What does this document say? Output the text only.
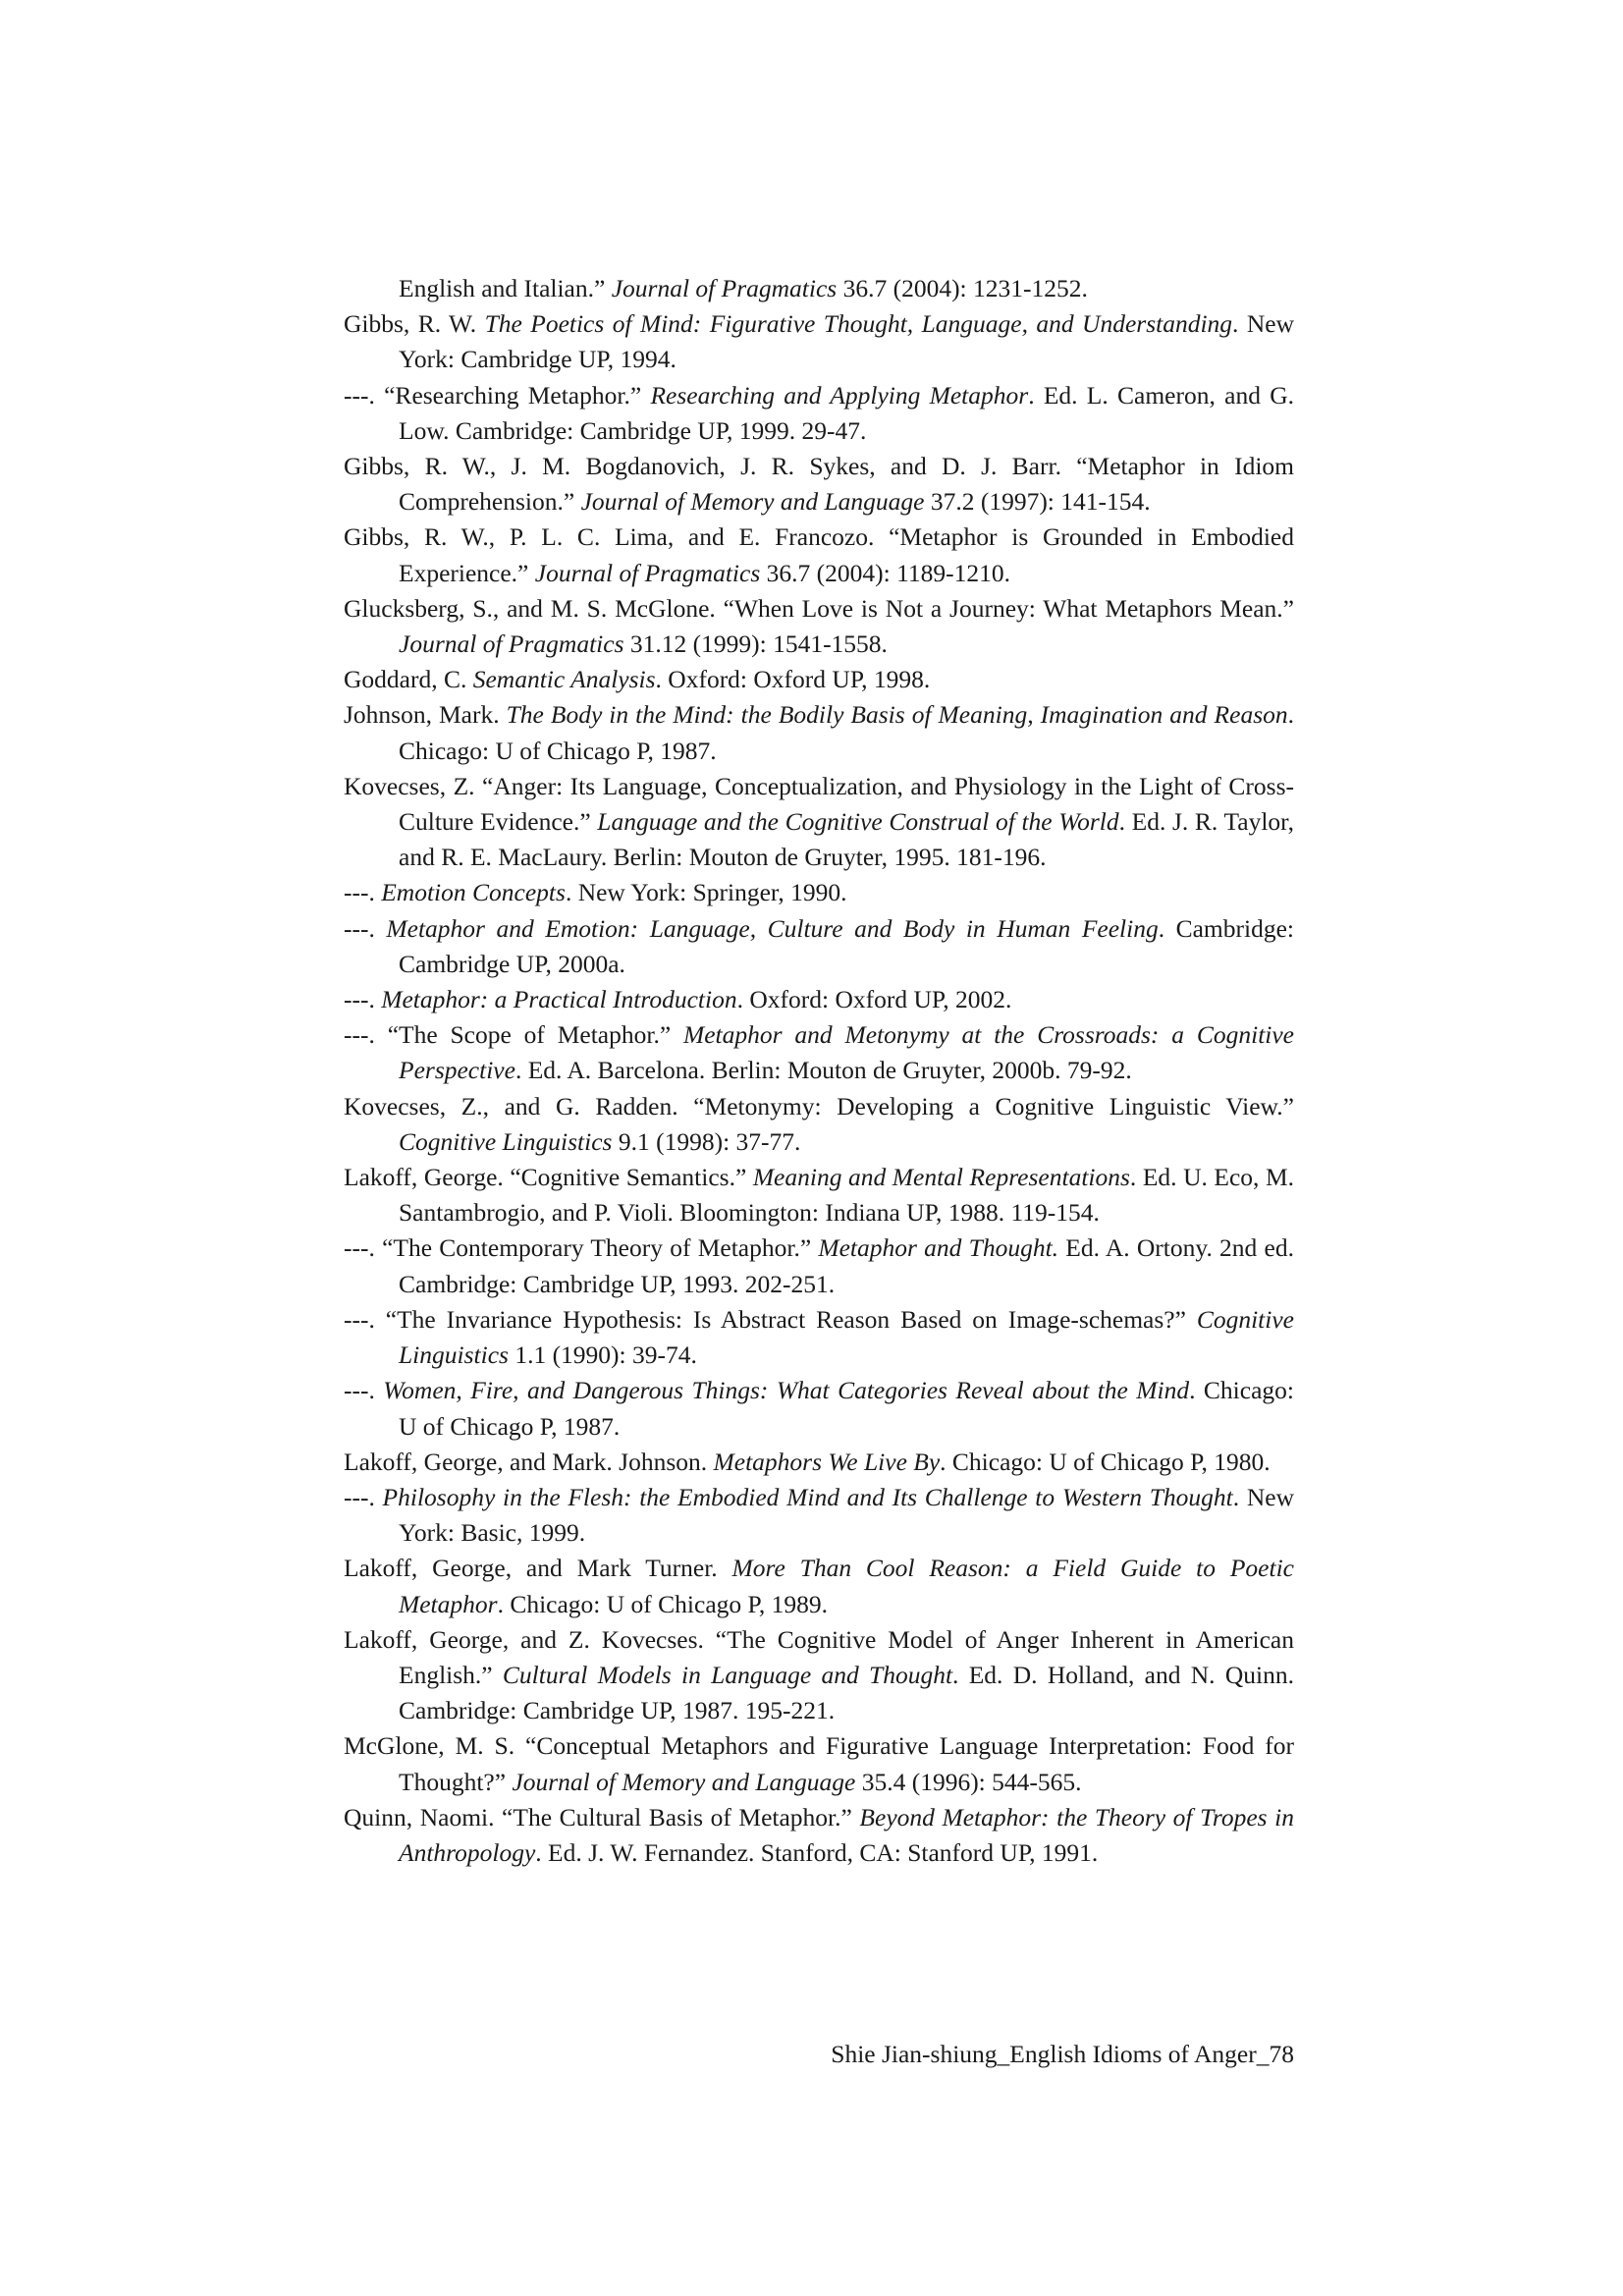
English and Italian.” Journal of Pragmatics 36.7 (2004): 1231-1252.

Gibbs, R. W. The Poetics of Mind: Figurative Thought, Language, and Understanding. New York: Cambridge UP, 1994.

---. “Researching Metaphor.” Researching and Applying Metaphor. Ed. L. Cameron, and G. Low. Cambridge: Cambridge UP, 1999. 29-47.

Gibbs, R. W., J. M. Bogdanovich, J. R. Sykes, and D. J. Barr. “Metaphor in Idiom Comprehension.” Journal of Memory and Language 37.2 (1997): 141-154.

Gibbs, R. W., P. L. C. Lima, and E. Francozo. “Metaphor is Grounded in Embodied Experience.” Journal of Pragmatics 36.7 (2004): 1189-1210.

Glucksberg, S., and M. S. McGlone. “When Love is Not a Journey: What Metaphors Mean.” Journal of Pragmatics 31.12 (1999): 1541-1558.

Goddard, C. Semantic Analysis. Oxford: Oxford UP, 1998.

Johnson, Mark. The Body in the Mind: the Bodily Basis of Meaning, Imagination and Reason. Chicago: U of Chicago P, 1987.

Kovecses, Z. “Anger: Its Language, Conceptualization, and Physiology in the Light of Cross-Culture Evidence.” Language and the Cognitive Construal of the World. Ed. J. R. Taylor, and R. E. MacLaury. Berlin: Mouton de Gruyter, 1995. 181-196.

---. Emotion Concepts. New York: Springer, 1990.

---. Metaphor and Emotion: Language, Culture and Body in Human Feeling. Cambridge: Cambridge UP, 2000a.

---. Metaphor: a Practical Introduction. Oxford: Oxford UP, 2002.

---. “The Scope of Metaphor.” Metaphor and Metonymy at the Crossroads: a Cognitive Perspective. Ed. A. Barcelona. Berlin: Mouton de Gruyter, 2000b. 79-92.

Kovecses, Z., and G. Radden. “Metonymy: Developing a Cognitive Linguistic View.” Cognitive Linguistics 9.1 (1998): 37-77.

Lakoff, George. “Cognitive Semantics.” Meaning and Mental Representations. Ed. U. Eco, M. Santambrogio, and P. Violi. Bloomington: Indiana UP, 1988. 119-154.

---. “The Contemporary Theory of Metaphor.” Metaphor and Thought. Ed. A. Ortony. 2nd ed. Cambridge: Cambridge UP, 1993. 202-251.

---. “The Invariance Hypothesis: Is Abstract Reason Based on Image-schemas?” Cognitive Linguistics 1.1 (1990): 39-74.

---. Women, Fire, and Dangerous Things: What Categories Reveal about the Mind. Chicago: U of Chicago P, 1987.

Lakoff, George, and Mark. Johnson. Metaphors We Live By. Chicago: U of Chicago P, 1980.

---. Philosophy in the Flesh: the Embodied Mind and Its Challenge to Western Thought. New York: Basic, 1999.

Lakoff, George, and Mark Turner. More Than Cool Reason: a Field Guide to Poetic Metaphor. Chicago: U of Chicago P, 1989.

Lakoff, George, and Z. Kovecses. “The Cognitive Model of Anger Inherent in American English.” Cultural Models in Language and Thought. Ed. D. Holland, and N. Quinn. Cambridge: Cambridge UP, 1987. 195-221.

McGlone, M. S. “Conceptual Metaphors and Figurative Language Interpretation: Food for Thought?” Journal of Memory and Language 35.4 (1996): 544-565.

Quinn, Naomi. “The Cultural Basis of Metaphor.” Beyond Metaphor: the Theory of Tropes in Anthropology. Ed. J. W. Fernandez. Stanford, CA: Stanford UP, 1991.

Shie Jian-shiung_English Idioms of Anger_78
